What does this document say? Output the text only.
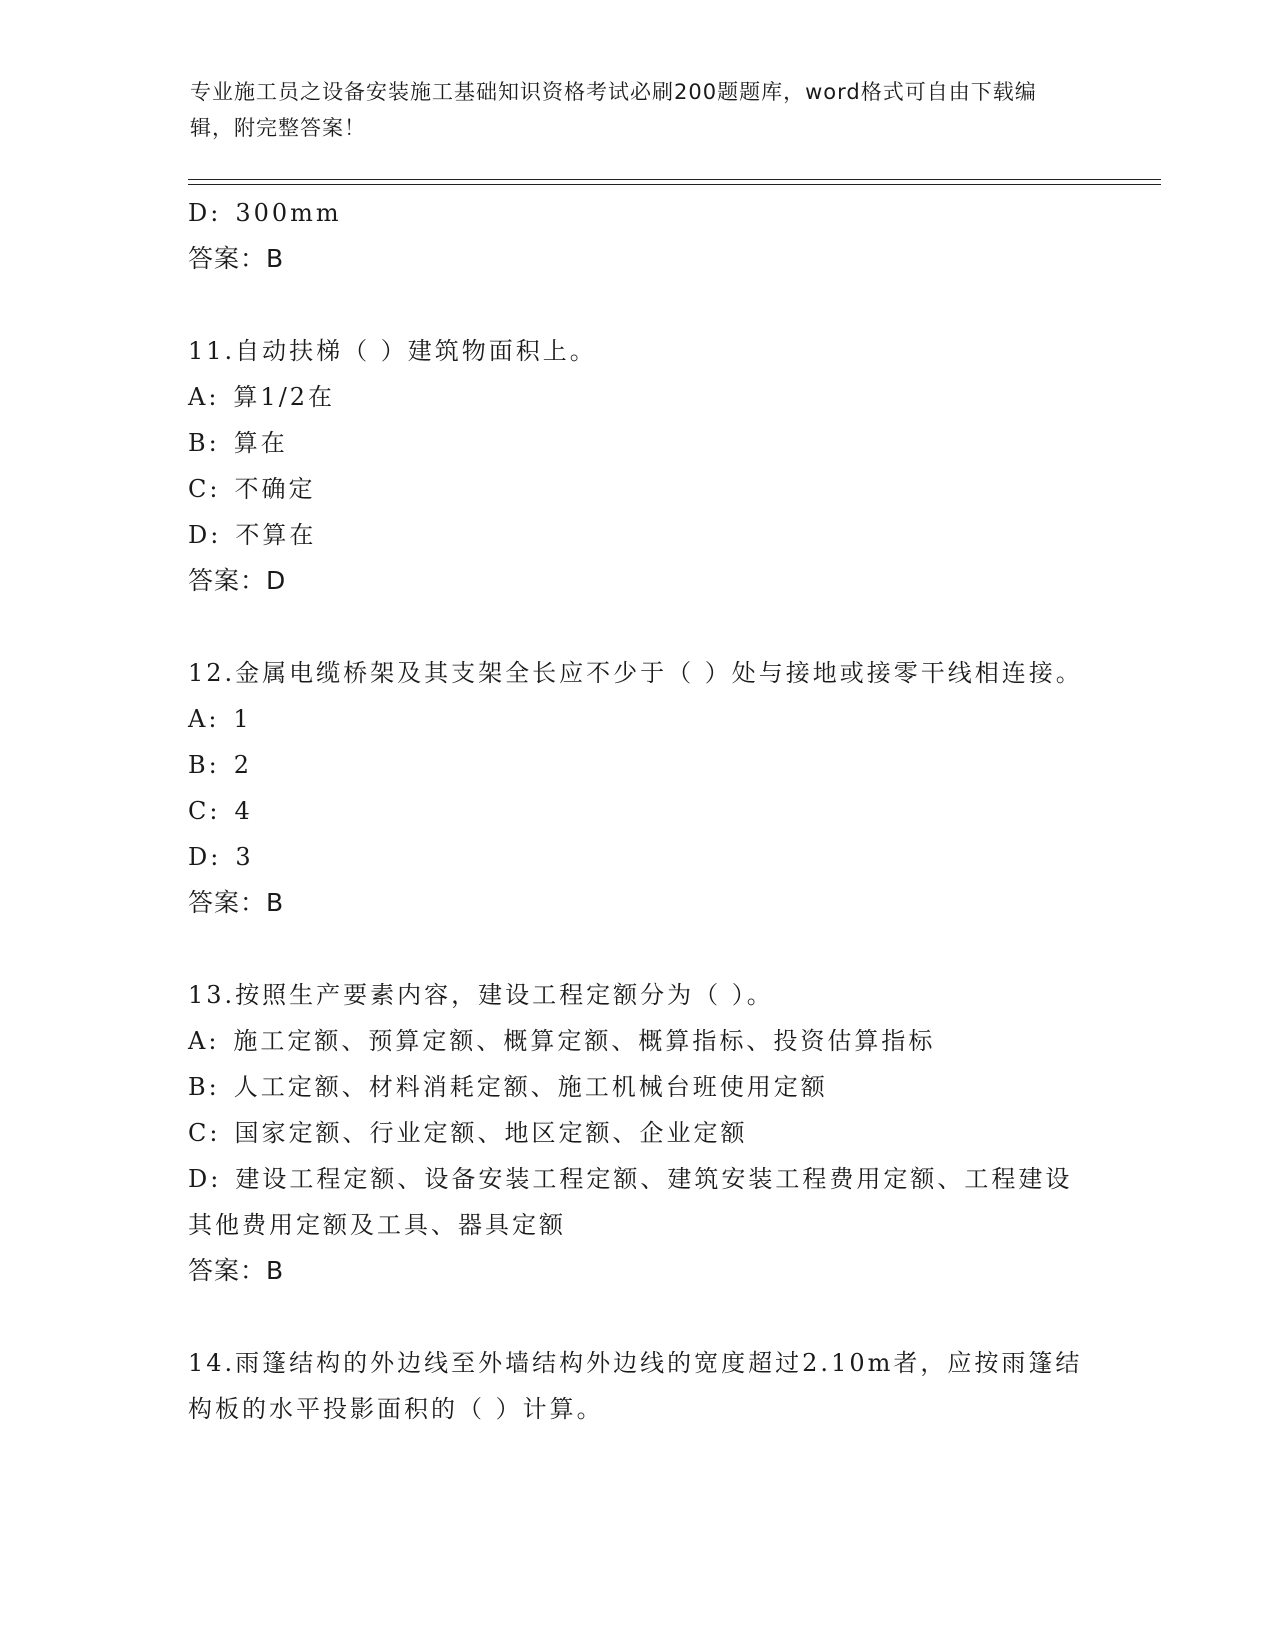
专业施工员之设备安装施工基础知识资格考试必刷200题题库，word格式可自由下载编辑，附完整答案！
D: 300mm
答案：B
11.自动扶梯（ ）建筑物面积上。
A: 算1/2在
B: 算在
C: 不确定
D: 不算在
答案：D
12.金属电缆桥架及其支架全长应不少于（ ）处与接地或接零干线相连接。
A: 1
B: 2
C: 4
D: 3
答案：B
13.按照生产要素内容，建设工程定额分为（ ）。
A: 施工定额、预算定额、概算定额、概算指标、投资估算指标
B: 人工定额、材料消耗定额、施工机械台班使用定额
C: 国家定额、行业定额、地区定额、企业定额
D: 建设工程定额、设备安装工程定额、建筑安装工程费用定额、工程建设其他费用定额及工具、器具定额
答案：B
14.雨篷结构的外边线至外墙结构外边线的宽度超过2.10m者，应按雨篷结构板的水平投影面积的（ ）计算。
